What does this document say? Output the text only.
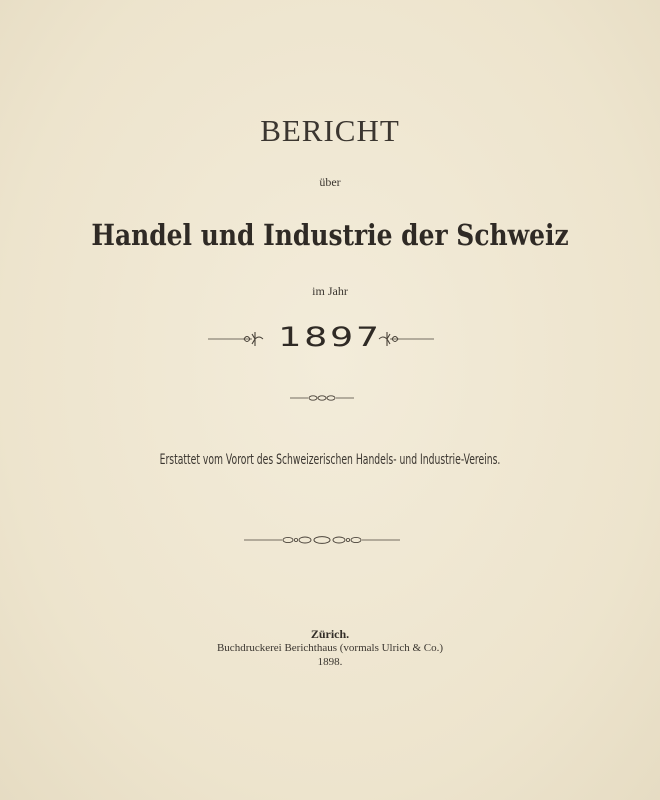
BERICHT
über
Handel und Industrie der Schweiz
im Jahr
1897
Erstattet vom Vorort des Schweizerischen Handels- und Industrie-Vereins.
Zürich.
Buchdruckerei Berichthaus (vormals Ulrich & Co.)
1898.
